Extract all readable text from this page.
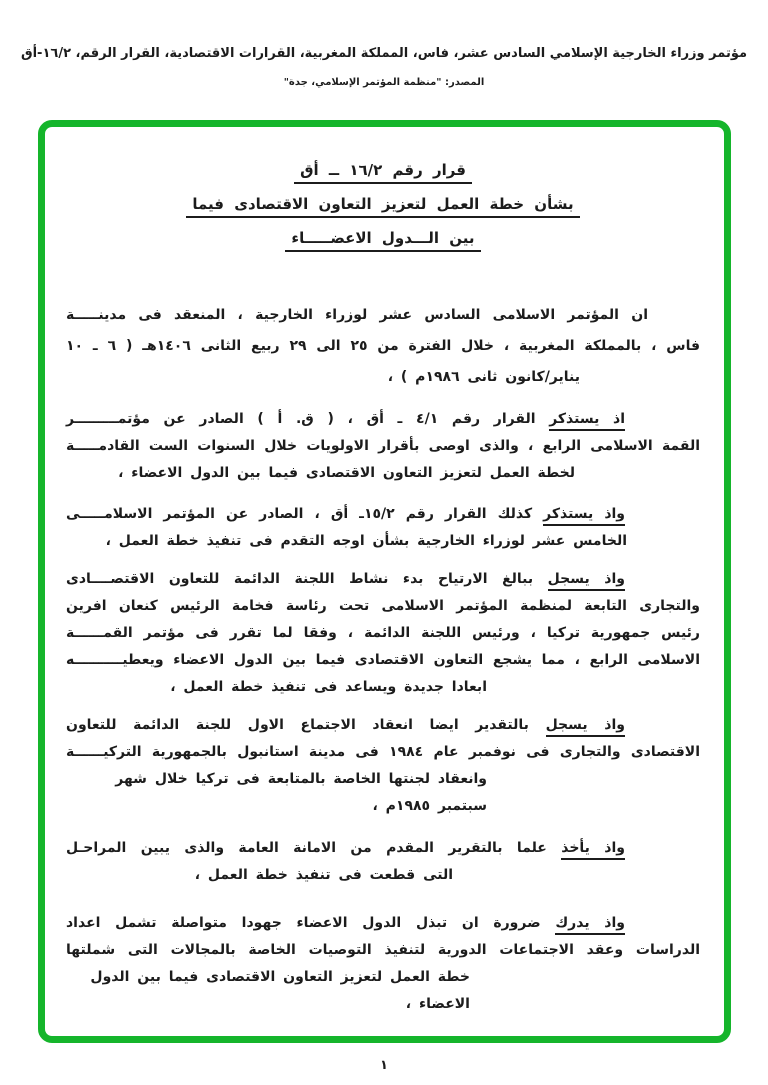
مؤتمر وزراء الخارجية الإسلامي السادس عشر، فاس، المملكة المغربية، القرارات الاقتصادية، القرار الرقم، ١٦/٢-أق
المصدر: "منظمة المؤتمر الإسلامي، جدة"
قرار رقم ١٦/٢ ــ أق
بشأن خطة العمل لتعزيز التعاون الاقتصادى فيما
بين الـــدول الاعضـــــاء
ان المؤتمر الاسلامى السادس عشر لوزراء الخارجية ، المنعقد فى مدينـــــة
فاس ، بالمملكة المغربية ، خلال الفترة من ٢٥ الى ٢٩ ربيع الثانى ١٤٠٦هـ ( ٦ ـ ١٠
يناير/كانون ثانى ١٩٨٦م ) ،
اذ يستذكر القرار رقم ٤/١ ـ أق ، ( ق. أ ) الصادر عن مؤتمـــــــــر
القمة الاسلامى الرابع ، والذى اوصى بأقرار الاولويات خلال السنوات الست القادمـــــة
لخطة العمل لتعزيز التعاون الاقتصادى فيما بين الدول الاعضاء ،
واذ يستذكر كذلك القرار رقم ١٥/٢ـ أق ، الصادر عن المؤتمر الاسلامـــــى
الخامس عشر لوزراء الخارجية بشأن اوجه التقدم فى تنفيذ خطة العمل ،
واذ يسجل ببالغ الارتياح بدء نشاط اللجنة الدائمة للتعاون الاقتصــــادى
والتجارى التابعة لمنظمة المؤتمر الاسلامى تحت رئاسة فخامة الرئيس كنعان افرين
رئيس جمهورية تركيا ، ورئيس اللجنة الدائمة ، وفقا لما تقرر فى مؤتمر القمــــــة
الاسلامى الرابع ، مما يشجع التعاون الاقتصادى فيما بين الدول الاعضاء ويعطيــــــــــه
ابعادا جديدة ويساعد فى تنفيذ خطة العمل ،
واذ يسجل بالتقدير ايضا انعقاد الاجتماع الاول للجنة الدائمة للتعاون
الاقتصادى والتجارى فى نوفمبر عام ١٩٨٤ فى مدينة استانبول بالجمهورية التركيــــــة
وانعقاد لجنتها الخاصة بالمتابعة فى تركيا خلال شهر سبتمبر ١٩٨٥م ،
واذ يأخذ علما بالتقرير المقدم من الامانة العامة والذى يبين المراحـل
التى قطعت فى تنفيذ خطة العمل ،
واذ يدرك ضرورة ان تبذل الدول الاعضاء جهودا متواصلة تشمل اعداد
الدراسات وعقد الاجتماعات الدورية لتنفيذ التوصيات الخاصة بالمجالات التى شملتها
خطة العمل لتعزيز التعاون الاقتصادى فيما بين الدول الاعضاء ،
١
